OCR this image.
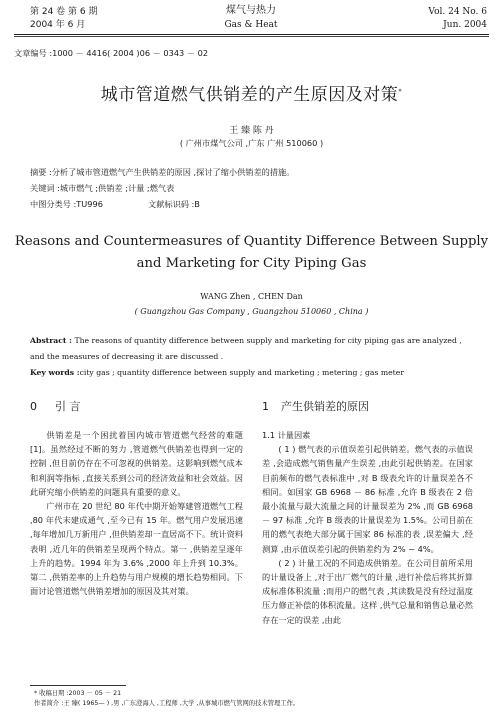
第 24 卷 第 6 期
2004 年 6 月
煤气与热力
Gas & Heat
Vol. 24 No. 6
Jun. 2004
文章编号 :1000 － 4416( 2004 )06 － 0343 － 02
城市管道燃气供销差的产生原因及对策*
王 臻 陈 丹
( 广州市煤气公司 ,广东 广州 510060 )
摘要 :分析了城市管道燃气产生供销差的原因 ,探讨了缩小供销差的措施。
关键词 :城市燃气 ;供销差 ;计量 ;燃气表
中图分类号 :TU996	文献标识码 :B
Reasons and Countermeasures of Quantity Difference Between Supply
and Marketing for City Piping Gas
WANG Zhen , CHEN Dan
( Guangzhou Gas Company , Guangzhou 510060 , China )
Abstract : The reasons of quantity difference between supply and marketing for city piping gas are analyzed ,
and the measures of decreasing it are discussed .
Key words :city gas ; quantity difference between supply and marketing ; metering ; gas meter
0 引 言

供销差是一个困扰着国内城市管道燃气经营的难题[1]。虽然经过不断的努力 ,管道燃气供销差也得到一定的控制 ,但目前仍存在不可忽视的供销差。这影响到燃气成本和利润等指标 ,直接关系到公司的经济效益和社会效益。因此研究缩小供销差的问题具有重要的意义。

广州市在 20 世纪 80 年代中期开始筹建管道燃气工程 ,80 年代末建成通气 ,至今已有 15 年。燃气用户发展迅速 ,每年增加几万新用户 ,但供销差却一直居高不下。统计资料表明 ,近几年的供销差呈现两个特点。第一 ,供销差呈逐年上升的趋势。1994 年为 3.6% ,2000 年上升到 10.3%。第二 ,供销差率的上升趋势与用户规模的增长趋势相同。下面讨论管道燃气供销差增加的原因及其对策。

1 产生供销差的原因

1.1 计量因素

( 1 ) 燃气表的示值误差引起供销差。燃气表的示值误差 ,会造成燃气销售量产生误差 ,由此引起供销差。在国家目前频布的燃气表标准中 ,对 B 级表允许的计量误差各不相同。如国家 GB 6968 － 86 标准 ,允许 B 级表在 2 倍最小流量与最大流量之间的计量误差为 2% ,而 GB 6968 － 97 标准 ,允许 B 级表的计量误差为 1.5%。公司目前在用的燃气表绝大部分属于国家 86 标准的表 ,误差偏大 ,经测算 ,由示值误差引起的供销差约为 2% ~ 4%。

( 2 ) 计量工况的不同造成供销差。在公司目前所采用的计量设备上 ,对于出厂燃气的计量 ,进行补偿后将其折算成标准体积流量 ;而用户的燃气表 ,其读数是没有经过温度压力修正补偿的体积流量。这样 ,供气总量和销售总量必然存在一定的误差 ,由此

* 收稿日期 :2003 － 05 － 21
作者简介 :王 臻( 1965— ) ,男 ,广东澄海人 ,工程师 ,大学 ,从事城市燃气管网的技术管理工作。
